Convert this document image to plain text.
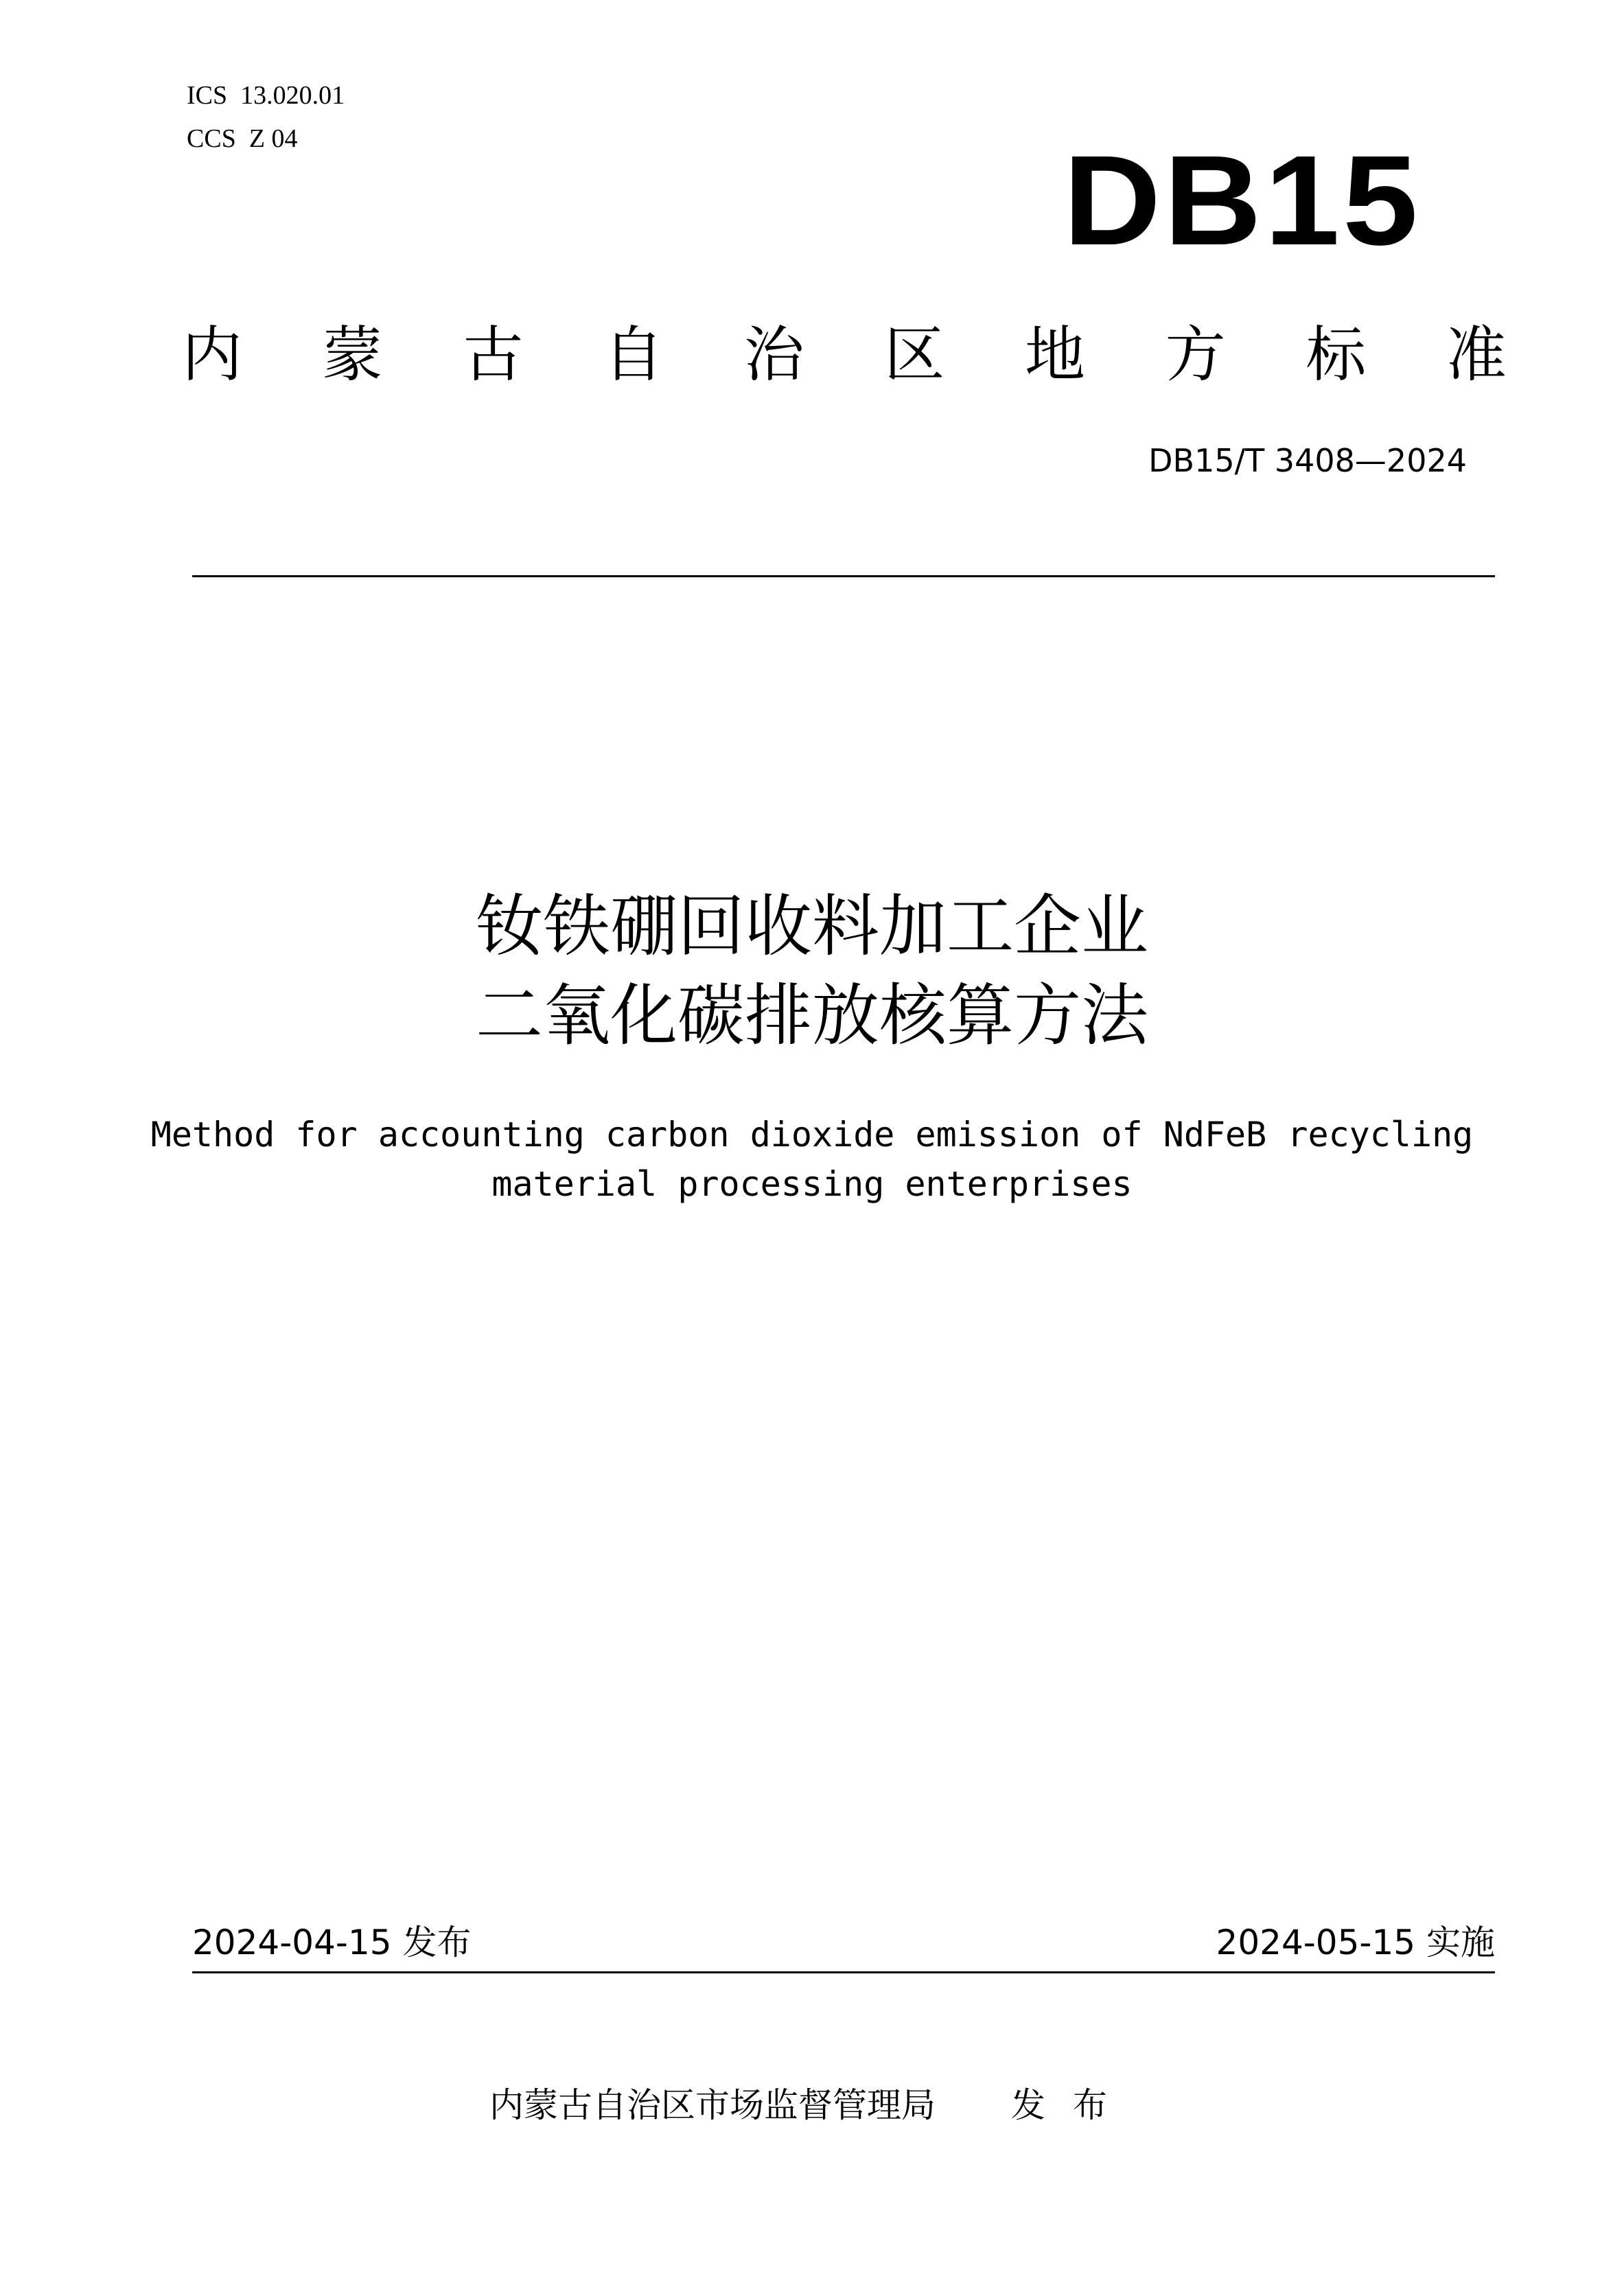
ICS  13.020.01
CCS  Z 04	DB15
内 蒙 古 自 治 区 地 方 标 准
DB15/T 3408—2024
钕铁硼回收料加工企业
二氧化碳排放核算方法
Method for accounting carbon dioxide emission of NdFeB recycling
material processing enterprises
2024-04-15 发布	2024-05-15 实施
内蒙古自治区市场监督管理局 发布
